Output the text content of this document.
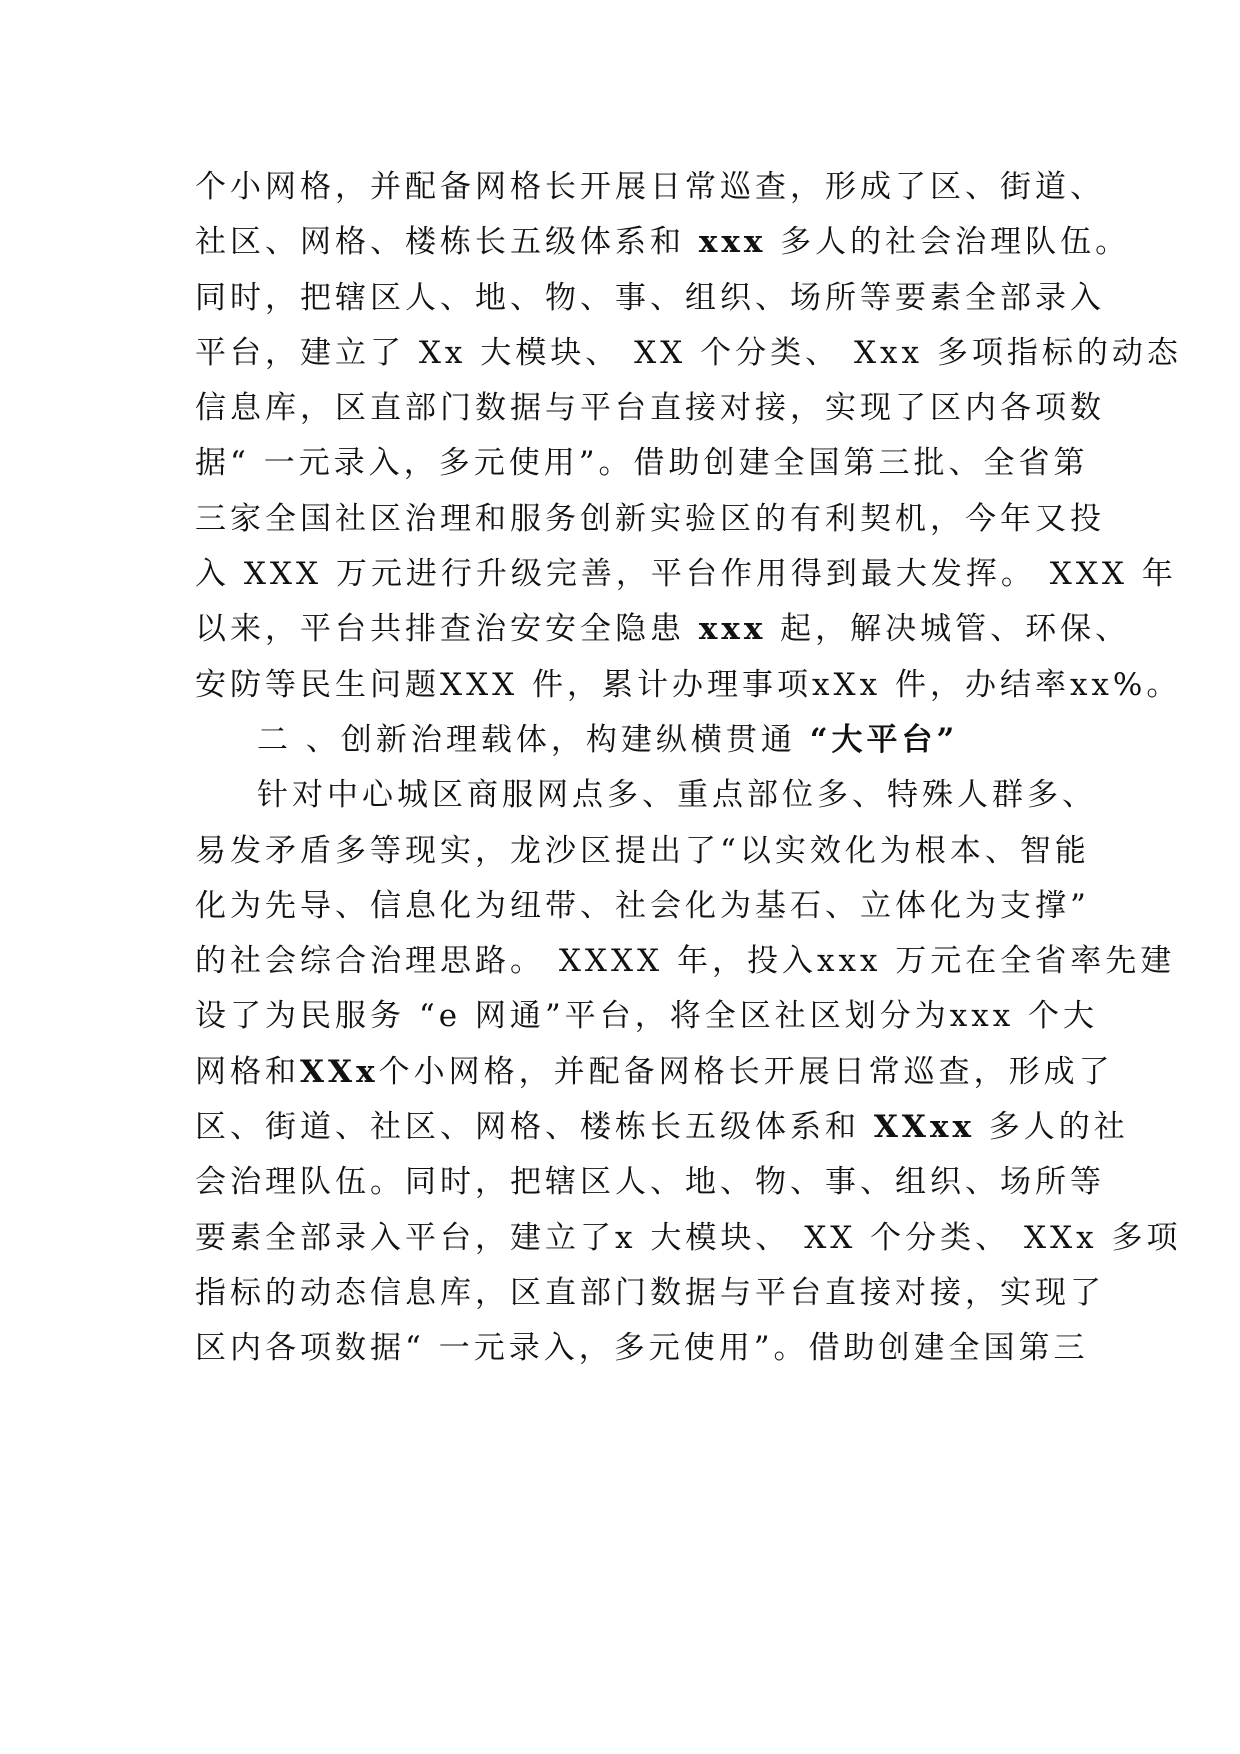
个小网格，并配备网格长开展日常巡查，形成了区、街道、
社区、网格、楼栋长五级体系和 xxx 多人的社会治理队伍。
同时，把辖区人、地、物、事、组织、场所等要素全部录入
平台，建立了 Xx 大模块、 XX 个分类、 Xxx 多项指标的动态
信息库，区直部门数据与平台直接对接，实现了区内各项数
据“ 一元录入，多元使用”。借助创建全国第三批、全省第
三家全国社区治理和服务创新实验区的有利契机，今年又投
入 XXX 万元进行升级完善，平台作用得到最大发挥。 XXX 年
以来，平台共排查治安安全隐患 xxx 起，解决城管、环保、
安防等民生问题XXX 件，累计办理事项xXx 件，办结率xx%。
二 、创新治理载体，构建纵横贯通 “大平台”
针对中心城区商服网点多、重点部位多、特殊人群多、
易发矛盾多等现实，龙沙区提出了“以实效化为根本、智能
化为先导、信息化为纽带、社会化为基石、立体化为支撑”
的社会综合治理思路。 XXXX 年，投入xxx 万元在全省率先建
设了为民服务 “e 网通”平台，将全区社区划分为xxx 个大
网格和XXx个小网格，并配备网格长开展日常巡查，形成了
区、街道、社区、网格、楼栋长五级体系和 XXxx 多人的社
会治理队伍。同时，把辖区人、地、物、事、组织、场所等
要素全部录入平台，建立了x 大模块、 XX 个分类、 XXx 多项
指标的动态信息库，区直部门数据与平台直接对接，实现了
区内各项数据“ 一元录入，多元使用”。借助创建全国第三
